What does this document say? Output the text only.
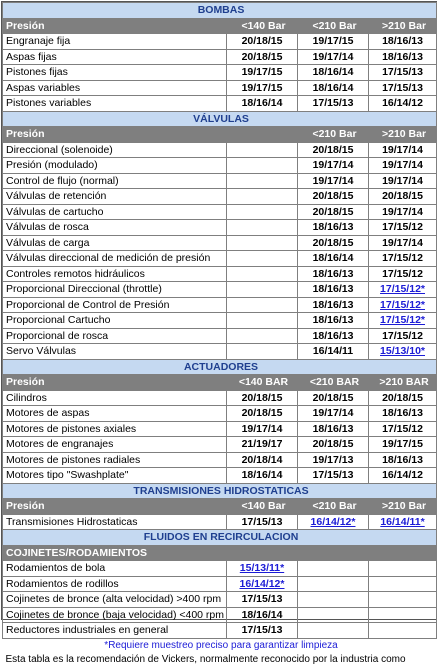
BOMBAS			
Presión	<140 Bar	<210 Bar	>210 Bar
Engranaje fija	20/18/15	19/17/15	18/16/13
Aspas fijas	20/18/15	19/17/14	18/16/13
Pistones fijas	19/17/15	18/16/14	17/15/13
Aspas variables	19/17/15	18/16/14	17/15/13
Pistones variables	18/16/14	17/15/13	16/14/12
VÁLVULAS			
Presión		<210 Bar	>210 Bar
Direccional (solenoide)		20/18/15	19/17/14
Presión (modulado)		19/17/14	19/17/14
Control de flujo (normal)		19/17/14	19/17/14
Válvulas de retención		20/18/15	20/18/15
Válvulas de cartucho		20/18/15	19/17/14
Válvulas de rosca		18/16/13	17/15/12
Válvulas de carga		20/18/15	19/17/14
Válvulas direccional de medición de presión		18/16/14	17/15/12
Controles remotos hidráulicos		18/16/13	17/15/12
Proporcional Direccional (throttle)		18/16/13	17/15/12*
Proporcional de Control de Presión		18/16/13	17/15/12*
Proporcional Cartucho		18/16/13	17/15/12*
Proporcional de rosca		18/16/13	17/15/12
Servo Válvulas		16/14/11	15/13/10*
ACTUADORES			
Presión	<140 BAR	<210 BAR	>210 BAR
Cilindros	20/18/15	20/18/15	20/18/15
Motores de aspas	20/18/15	19/17/14	18/16/13
Motores de pistones axiales	19/17/14	18/16/13	17/15/12
Motores de engranajes	21/19/17	20/18/15	19/17/15
Motores de pistones radiales	20/18/14	19/17/13	18/16/13
Motores tipo "Swashplate"	18/16/14	17/15/13	16/14/12
TRANSMISIONES HIDROSTATICAS			
Presión	<140 Bar	<210 Bar	>210 Bar
Transmisiones Hidrostaticas	17/15/13	16/14/12*	16/14/11*
FLUIDOS EN RECIRCULACION			
COJINETES/RODAMIENTOS			
Rodamientos de bola	15/13/11*		
Rodamientos de rodillos	16/14/12*		
Cojinetes de bronce (alta velocidad) >400 rpm	17/15/13		
Cojinetes de bronce (baja velocidad) <400 rpm	18/16/14		
Reductores industriales en general	17/15/13		
*Requiere muestreo preciso para garantizar limpieza			
Esta tabla es la recomendación de Vickers, normalmente reconocido por la industria como			
